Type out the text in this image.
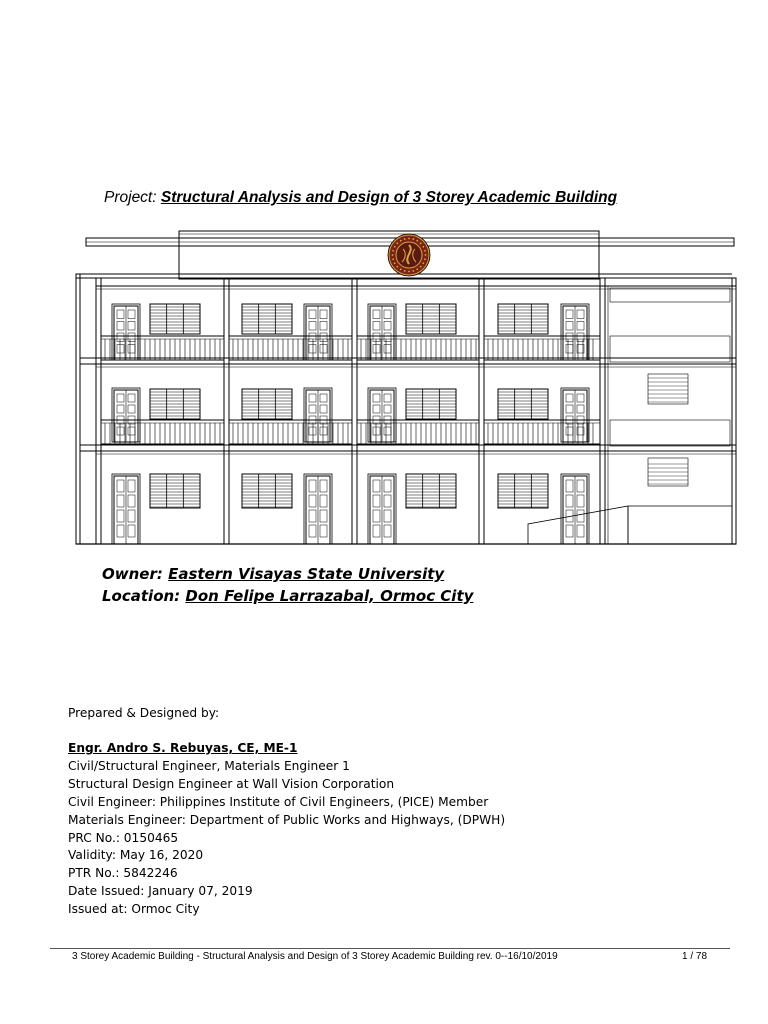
Project: Structural Analysis and Design of 3 Storey Academic Building
Owner: Eastern Visayas State University
Location: Don Felipe Larrazabal, Ormoc City
Prepared & Designed by:
Engr. Andro S. Rebuyas, CE, ME-1
Civil/Structural Engineer, Materials Engineer 1
Structural Design Engineer at Wall Vision Corporation
Civil Engineer: Philippines Institute of Civil Engineers, (PICE) Member
Materials Engineer: Department of Public Works and Highways, (DPWH)
PRC No.: 0150465
Validity: May 16, 2020
PTR No.: 5842246
Date Issued: January 07, 2019
Issued at: Ormoc City
3 Storey Academic Building - Structural Analysis and Design of 3 Storey Academic Building rev. 0--16/10/2019	1 / 78
